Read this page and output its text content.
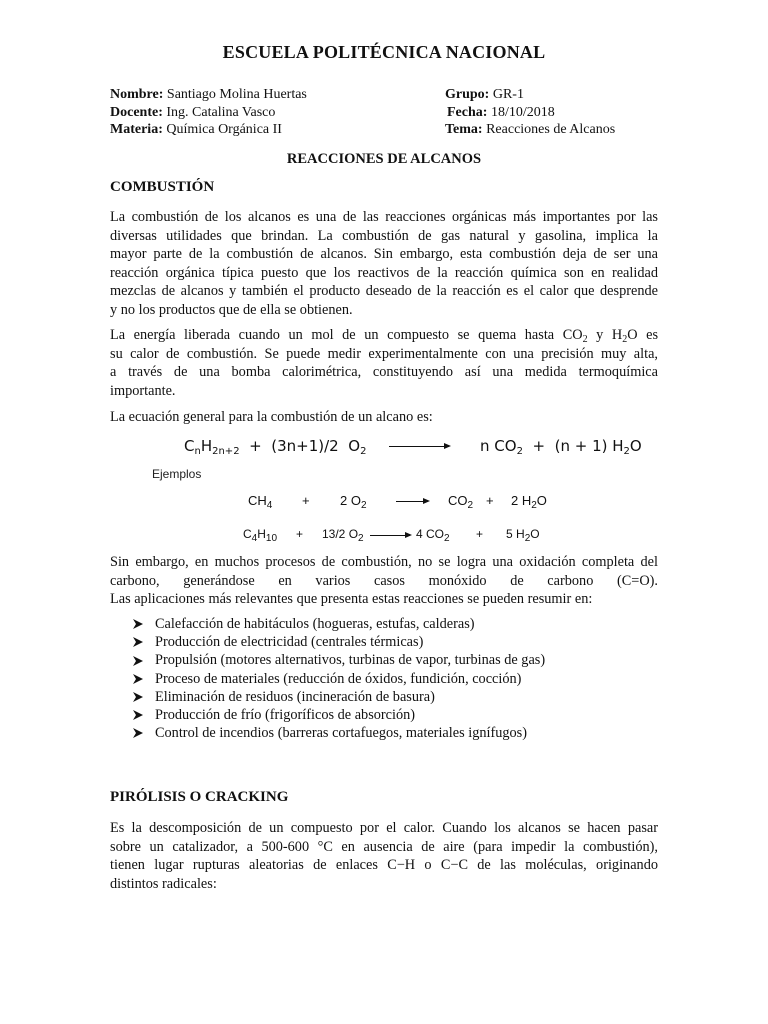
ESCUELA POLITÉCNICA NACIONAL
Nombre: Santiago Molina Huertas	Grupo: GR-1
Docente: Ing. Catalina Vasco	Fecha: 18/10/2018
Materia: Química Orgánica II	Tema: Reacciones de Alcanos
REACCIONES DE ALCANOS
COMBUSTIÓN
La combustión de los alcanos es una de las reacciones orgánicas más importantes por las
diversas utilidades que brindan. La combustión de gas natural y gasolina, implica la
mayor parte de la combustión de alcanos. Sin embargo, esta combustión deja de ser una
reacción orgánica típica puesto que los reactivos de la reacción química son en realidad
mezclas de alcanos y también el producto deseado de la reacción es el calor que desprende
y no los productos que de ella se obtienen.
La energía liberada cuando un mol de un compuesto se quema hasta $CO_2$ y $H_2O$ es
su calor de combustión. Se puede medir experimentalmente con una precisión muy alta,
a través de una bomba calorimétrica, constituyendo así una medida termoquímica
importante.
La ecuación general para la combustión de un alcano es:
$C_nH_{2n+2} + (3n+1)/2$ $O_2$	n $CO_2 + (n + 1)$ $H_2O$
Ejemplos
$CH_4 + 2$ $O_2$	$CO_2 + 2$ $H_2O$
$C_4H_{10} + 13/2$ $O_2$	4 $CO_2 + 5$ $H_2O$
Sin embargo, en muchos procesos de combustión, no se logra una oxidación completa del
carbono, generándose en varios casos monóxido de carbono (C=O).
Las aplicaciones más relevantes que presenta estas reacciones se pueden resumir en:
Calefacción de habitáculos (hogueras, estufas, calderas)
Producción de electricidad (centrales térmicas)
Propulsión (motores alternativos, turbinas de vapor, turbinas de gas)
Proceso de materiales (reducción de óxidos, fundición, cocción)
Eliminación de residuos (incineración de basura)
Producción de frío (frigoríficos de absorción)
Control de incendios (barreras cortafuegos, materiales ignífugos)
PIRÓLISIS O CRACKING
Es la descomposición de un compuesto por el calor. Cuando los alcanos se hacen pasar
sobre un catalizador, a 500-600 °C en ausencia de aire (para impedir la combustión),
tienen lugar rupturas aleatorias de enlaces C−H o C−C de las moléculas, originando
distintos radicales:
